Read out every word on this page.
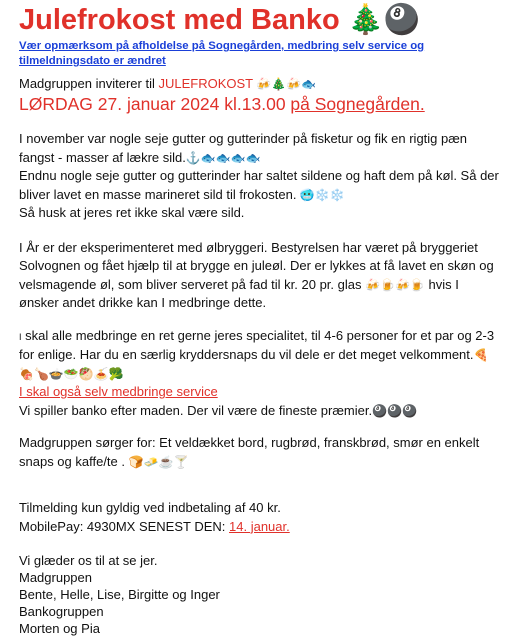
Julefrokost med Banko 🎄🎱
Vær opmærksom på afholdelse på Sognegården, medbring selv service og tilmeldningsdato er ændret
Madgruppen inviterer til JULEFROKOST 🍻🎄🍻🐟
LØRDAG 27. januar 2024 kl.13.00 på Sognegården.

I november var nogle seje gutter og gutterinder på fisketur og fik en rigtig pæn fangst - masser af lækre sild.⚓🐟🐟🐟🐟
Endnu nogle seje gutter og gutterinder har saltet sildene og haft dem på køl. Så der bliver lavet en masse marineret sild til frokosten. 🥶❄️❄️
Så husk at jeres ret ikke skal være sild.

I År er der eksperimenteret med ølbryggeri. Bestyrelsen har været på bryggeriet Solvognen og fået hjælp til at brygge en juleøl. Der er lykkes at få lavet en skøn og velsmagende øl, som bliver serveret på fad til kr. 20 pr. glas 🍻🍺🍻🍺 hvis I ønsker andet drikke kan I medbringe dette.

I skal alle medbringe en ret gerne jeres specialitet, til 4-6 personer for et par og 2-3 for enlige. Har du en særlig kryddersnaps du vil dele er det meget velkomment.🍕🍖🍗🍲🥗🥙🍝🥦
I skal også selv medbringe service
Vi spiller banko efter maden. Der vil være de fineste præmier.🎱🎱🎱

Madgruppen sørger for: Et veldækket bord, rugbrød, franskbrød, smør en enkelt snaps og kaffe/te . 🍞🧈☕🍸

Tilmelding kun gyldig ved indbetaling af 40 kr.
MobilePay: 4930MX SENEST DEN: 14. januar.

Vi glæder os til at se jer.
Madgruppen
Bente, Helle, Lise, Birgitte og Inger
Bankogruppen
Morten og Pia
